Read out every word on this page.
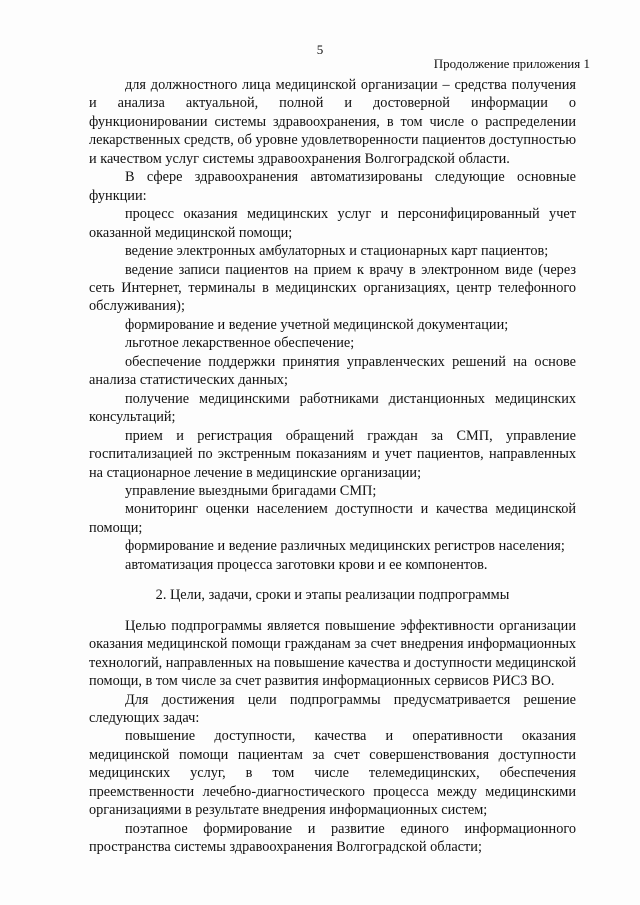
5
Продолжение приложения 1

для должностного лица медицинской организации – средства получения и анализа актуальной, полной и достоверной информации о функционировании системы здравоохранения, в том числе о распределении лекарственных средств, об уровне удовлетворенности пациентов доступностью и качеством услуг системы здравоохранения Волгоградской области.

В сфере здравоохранения автоматизированы следующие основные функции:

процесс оказания медицинских услуг и персонифицированный учет оказанной медицинской помощи;

ведение электронных амбулаторных и стационарных карт пациентов;

ведение записи пациентов на прием к врачу в электронном виде (через сеть Интернет, терминалы в медицинских организациях, центр телефонного обслуживания);

формирование и ведение учетной медицинской документации;

льготное лекарственное обеспечение;

обеспечение поддержки принятия управленческих решений на основе анализа статистических данных;

получение медицинскими работниками дистанционных медицинских консультаций;

прием и регистрация обращений граждан за СМП, управление госпитализацией по экстренным показаниям и учет пациентов, направленных на стационарное лечение в медицинские организации;

управление выездными бригадами СМП;

мониторинг оценки населением доступности и качества медицинской помощи;

формирование и ведение различных медицинских регистров населения;

автоматизация процесса заготовки крови и ее компонентов.

2. Цели, задачи, сроки и этапы реализации подпрограммы

Целью подпрограммы является повышение эффективности организации оказания медицинской помощи гражданам за счет внедрения информационных технологий, направленных на повышение качества и доступности медицинской помощи, в том числе за счет развития информационных сервисов РИСЗ ВО.

Для достижения цели подпрограммы предусматривается решение следующих задач:

повышение доступности, качества и оперативности оказания медицинской помощи пациентам за счет совершенствования доступности медицинских услуг, в том числе телемедицинских, обеспечения преемственности лечебно-диагностического процесса между медицинскими организациями в результате внедрения информационных систем;

поэтапное формирование и развитие единого информационного пространства системы здравоохранения Волгоградской области;
